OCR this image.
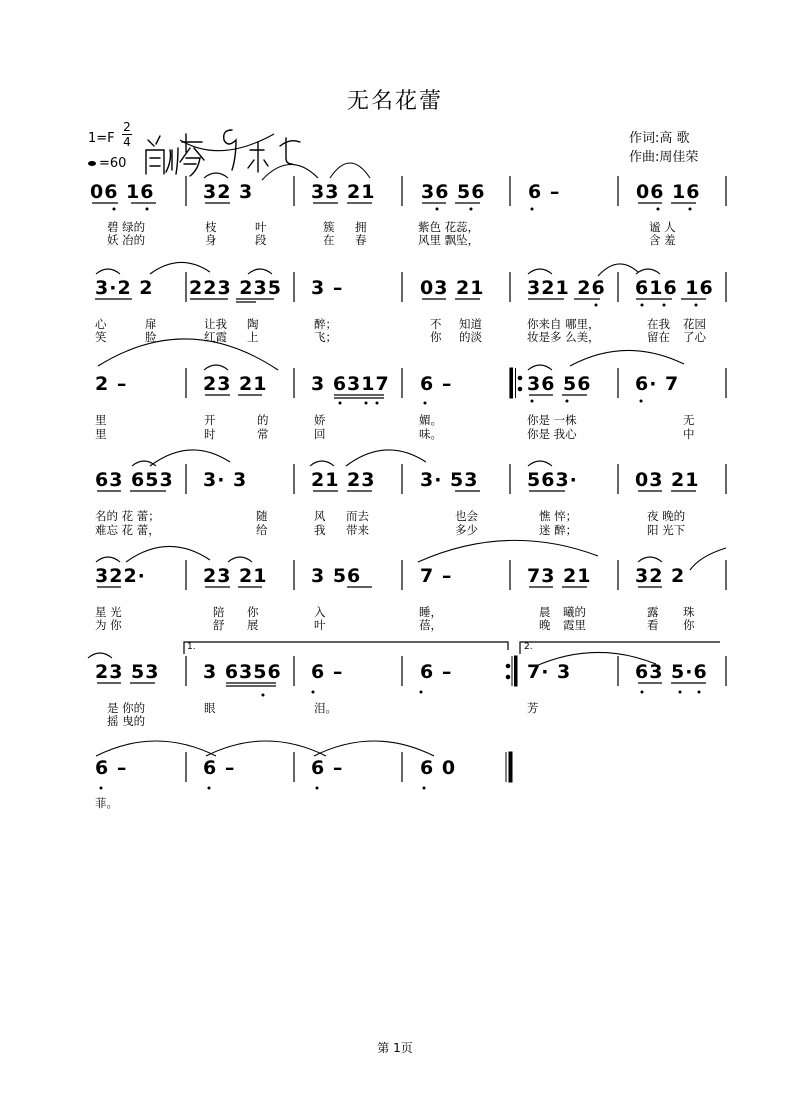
无名花蕾
1=F
2
4
=60
前奏 9小节
作词:高 歌
作曲:周佳荣
06 16	32 3	33 21 36 56 6 –	06 16
碧 绿的	枝	叶	簇 拥	紫色 花蕊，	谧 人
妖 冶的	身	段	在 春	风里 飘坠，	含 羞
3·2 2 223 235 3 –	03 21 321 26 616 16
心	扉	让我 陶	醉；	不 知道	你来自 哪里，	在我 花园
笑	脸	红霞 上	飞；	你 的淡	妆是多 么美，	留在 了心
2 –	23 21 3 6317 6 –	36 56 6· 7
里	开	的	娇	媚。	你是 一株	无
里	时	常	回	味。	你是 我心	中
63 653 3· 3	21 23 3· 53	563·	03 21
名的 花 蕾；	随	风 而去	也会	憔 悴；	夜 晚的
难忘 花 蕾，	给	我 带来	多少	迷 醉；	阳 光下
322·	23 21 3 56	7 –	73 21 32 2
星 光	陪 你	入	睡，	晨 曦的	露 珠
为 你	舒 展	叶	蓓，	晚 霞里	看 你
1.	2.
23 53 3 6356 6 –	6 –	7· 3	63 5·6
是 你的	眼	泪。	芳
摇 曳的
6 –	6 –	6 –	6 0
菲。
第 1页
